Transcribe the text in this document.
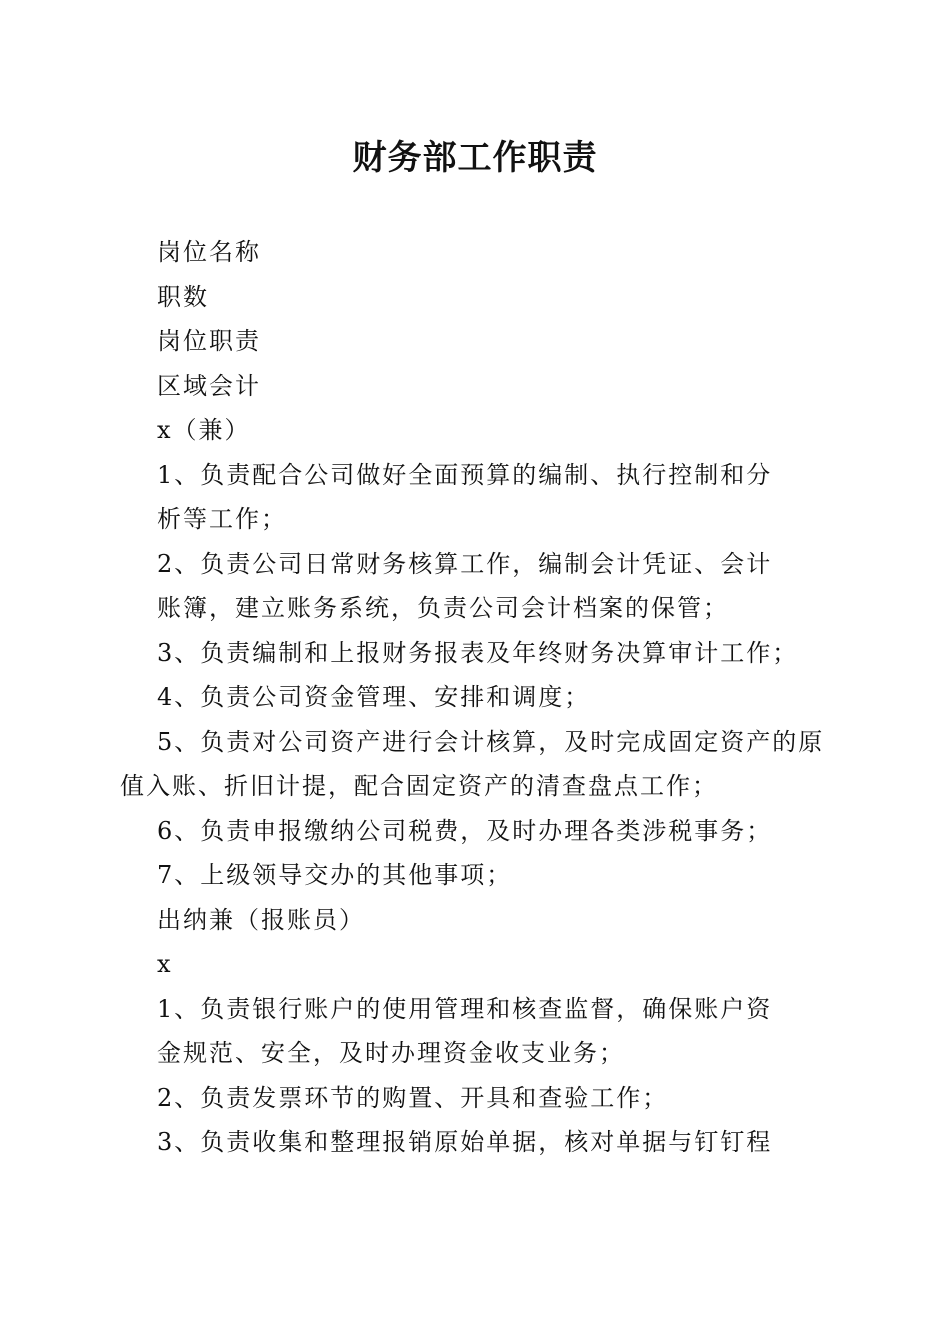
财务部工作职责

岗位名称

职数

岗位职责

区域会计

x（兼）

1、负责配合公司做好全面预算的编制、执行控制和分

析等工作；

2、负责公司日常财务核算工作，编制会计凭证、会计

账簿，建立账务系统，负责公司会计档案的保管；

3、负责编制和上报财务报表及年终财务决算审计工作；

4、负责公司资金管理、安排和调度；

5、负责对公司资产进行会计核算，及时完成固定资产的原

值入账、折旧计提，配合固定资产的清查盘点工作；

6、负责申报缴纳公司税费，及时办理各类涉税事务；

7、上级领导交办的其他事项；

出纳兼（报账员）

x

1、负责银行账户的使用管理和核查监督，确保账户资

金规范、安全，及时办理资金收支业务；

2、负责发票环节的购置、开具和查验工作；

3、负责收集和整理报销原始单据，核对单据与钉钉程
